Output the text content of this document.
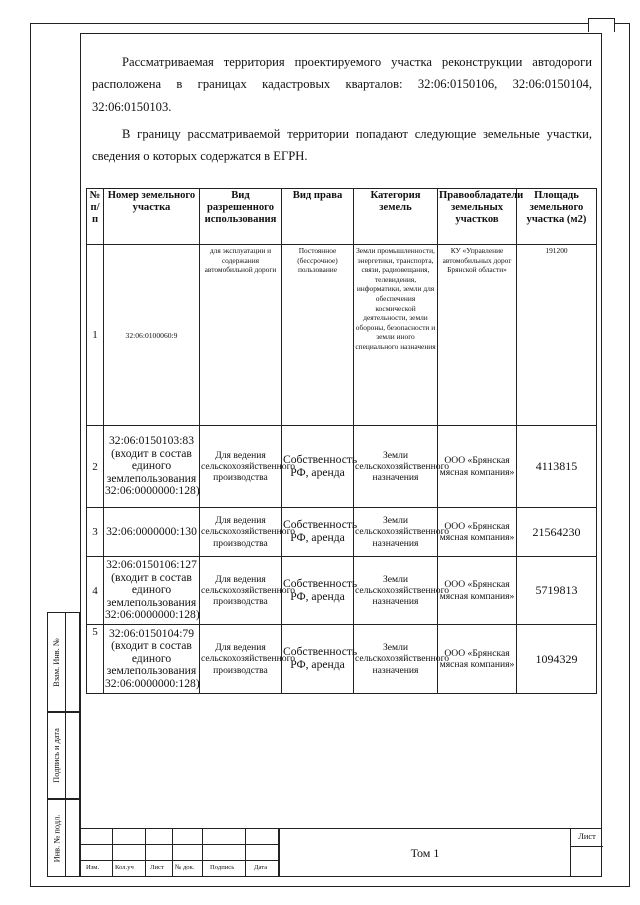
Рассматриваемая территория проектируемого участка реконструкции автодороги расположена в границах кадастровых кварталов: 32:06:0150106, 32:06:0150104, 32:06:0150103.

В границу рассматриваемой территории попадают следующие земельные участки, сведения о которых содержатся в ЕГРН.

№ п/п	Номер земельного участка	Вид разрешенного использования	Вид права	Категория земель	Правообладатели земельных участков	Площадь земельного участка (м2)
1	32:06:0100060:9	для эксплуатации и содержания автомобильной дороги	Постоянное (бессрочное) пользование	Земли промышленности, энергетики, транспорта, связи, радиовещания, телевидения, информатики, земли для обеспечения космической деятельности, земли обороны, безопасности и земли иного специального назначения	КУ «Управление автомобильных дорог Брянской области»	191200
2	32:06:0150103:83 (входит в состав единого землепользования 32:06:0000000:128)	Для ведения сельскохозяйственного производства	Собственность РФ, аренда	Земли сельскохозяйственного назначения	ООО «Брянская мясная компания»	4113815
3	32:06:0000000:130	Для ведения сельскохозяйственного производства	Собственность РФ, аренда	Земли сельскохозяйственного назначения	ООО «Брянская мясная компания»	21564230
4	32:06:0150106:127 (входит в состав единого землепользования 32:06:0000000:128)	Для ведения сельскохозяйственного производства	Собственность РФ, аренда	Земли сельскохозяйственного назначения	ООО «Брянская мясная компания»	5719813
5	32:06:0150104:79 (входит в состав единого землепользования 32:06:0000000:128)	Для ведения сельскохозяйственного производства	Собственность РФ, аренда	Земли сельскохозяйственного назначения	ООО «Брянская мясная компания»	1094329
Взам. Инв. №
Подпись и дата
Инв. № подл.
Изм. Кол.уч Лист № док. Подпись	Дата
Том 1
Лист
